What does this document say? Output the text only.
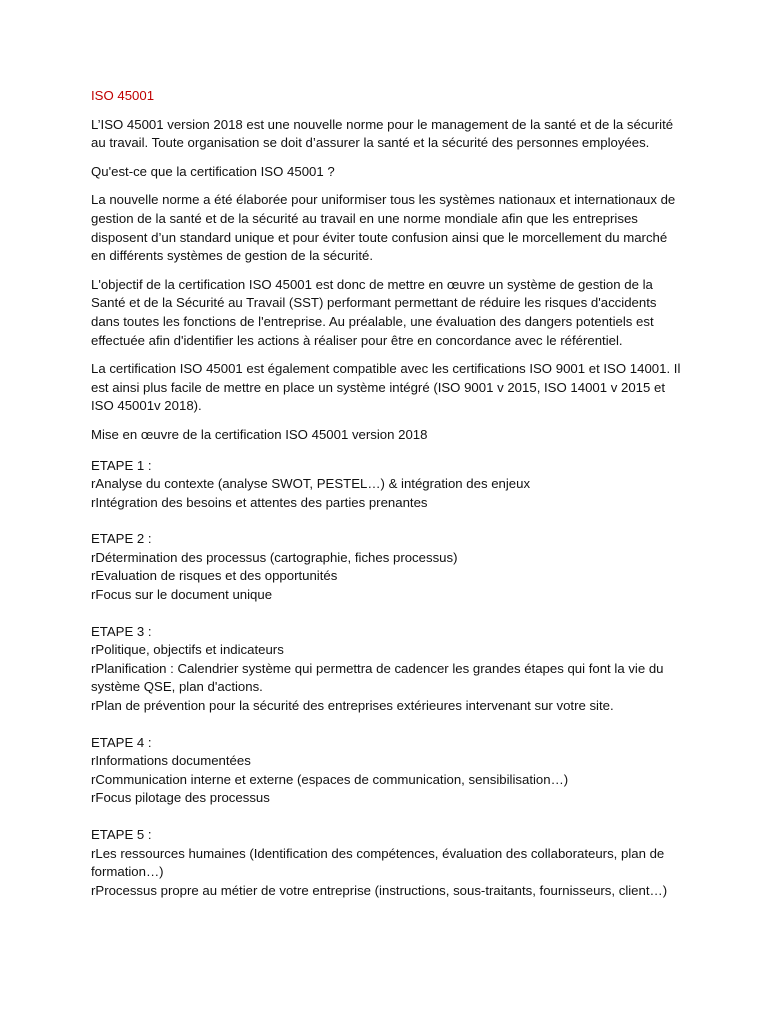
ISO 45001

L’ISO 45001 version 2018 est une nouvelle norme pour le management de la santé et de la sécurité au travail. Toute organisation se doit d’assurer la santé et la sécurité des personnes employées.

Qu'est-ce que la certification ISO 45001 ?

La nouvelle norme a été élaborée pour uniformiser tous les systèmes nationaux et internationaux de gestion de la santé et de la sécurité au travail en une norme mondiale afin que les entreprises disposent d’un standard unique et pour éviter toute confusion ainsi que le morcellement du marché en différents systèmes de gestion de la sécurité.

L'objectif de la certification ISO 45001 est donc de mettre en œuvre un système de gestion de la Santé et de la Sécurité au Travail (SST) performant permettant de réduire les risques d'accidents dans toutes les fonctions de l'entreprise. Au préalable, une évaluation des dangers potentiels est effectuée afin d'identifier les actions à réaliser pour être en concordance avec le référentiel.

La certification ISO 45001 est également compatible avec les certifications ISO 9001 et ISO 14001. Il est ainsi plus facile de mettre en place un système intégré (ISO 9001 v 2015, ISO 14001 v 2015 et ISO 45001v 2018).

Mise en œuvre de la certification ISO 45001 version 2018

ETAPE 1 :
rAnalyse du contexte (analyse SWOT, PESTEL…) & intégration des enjeux
rIntégration des besoins et attentes des parties prenantes
ETAPE 2 :
rDétermination des processus (cartographie, fiches processus)
rEvaluation de risques et des opportunités
rFocus sur le document unique
ETAPE 3 :
rPolitique, objectifs et indicateurs
rPlanification : Calendrier système qui permettra de cadencer les grandes étapes qui font la vie du système QSE, plan d'actions.
rPlan de prévention pour la sécurité des entreprises extérieures intervenant sur votre site.
ETAPE 4 :
rInformations documentées
rCommunication interne et externe (espaces de communication, sensibilisation…)
rFocus pilotage des processus
ETAPE 5 :
rLes ressources humaines (Identification des compétences, évaluation des collaborateurs, plan de formation…)
rProcessus propre au métier de votre entreprise (instructions, sous-traitants, fournisseurs, client…)
